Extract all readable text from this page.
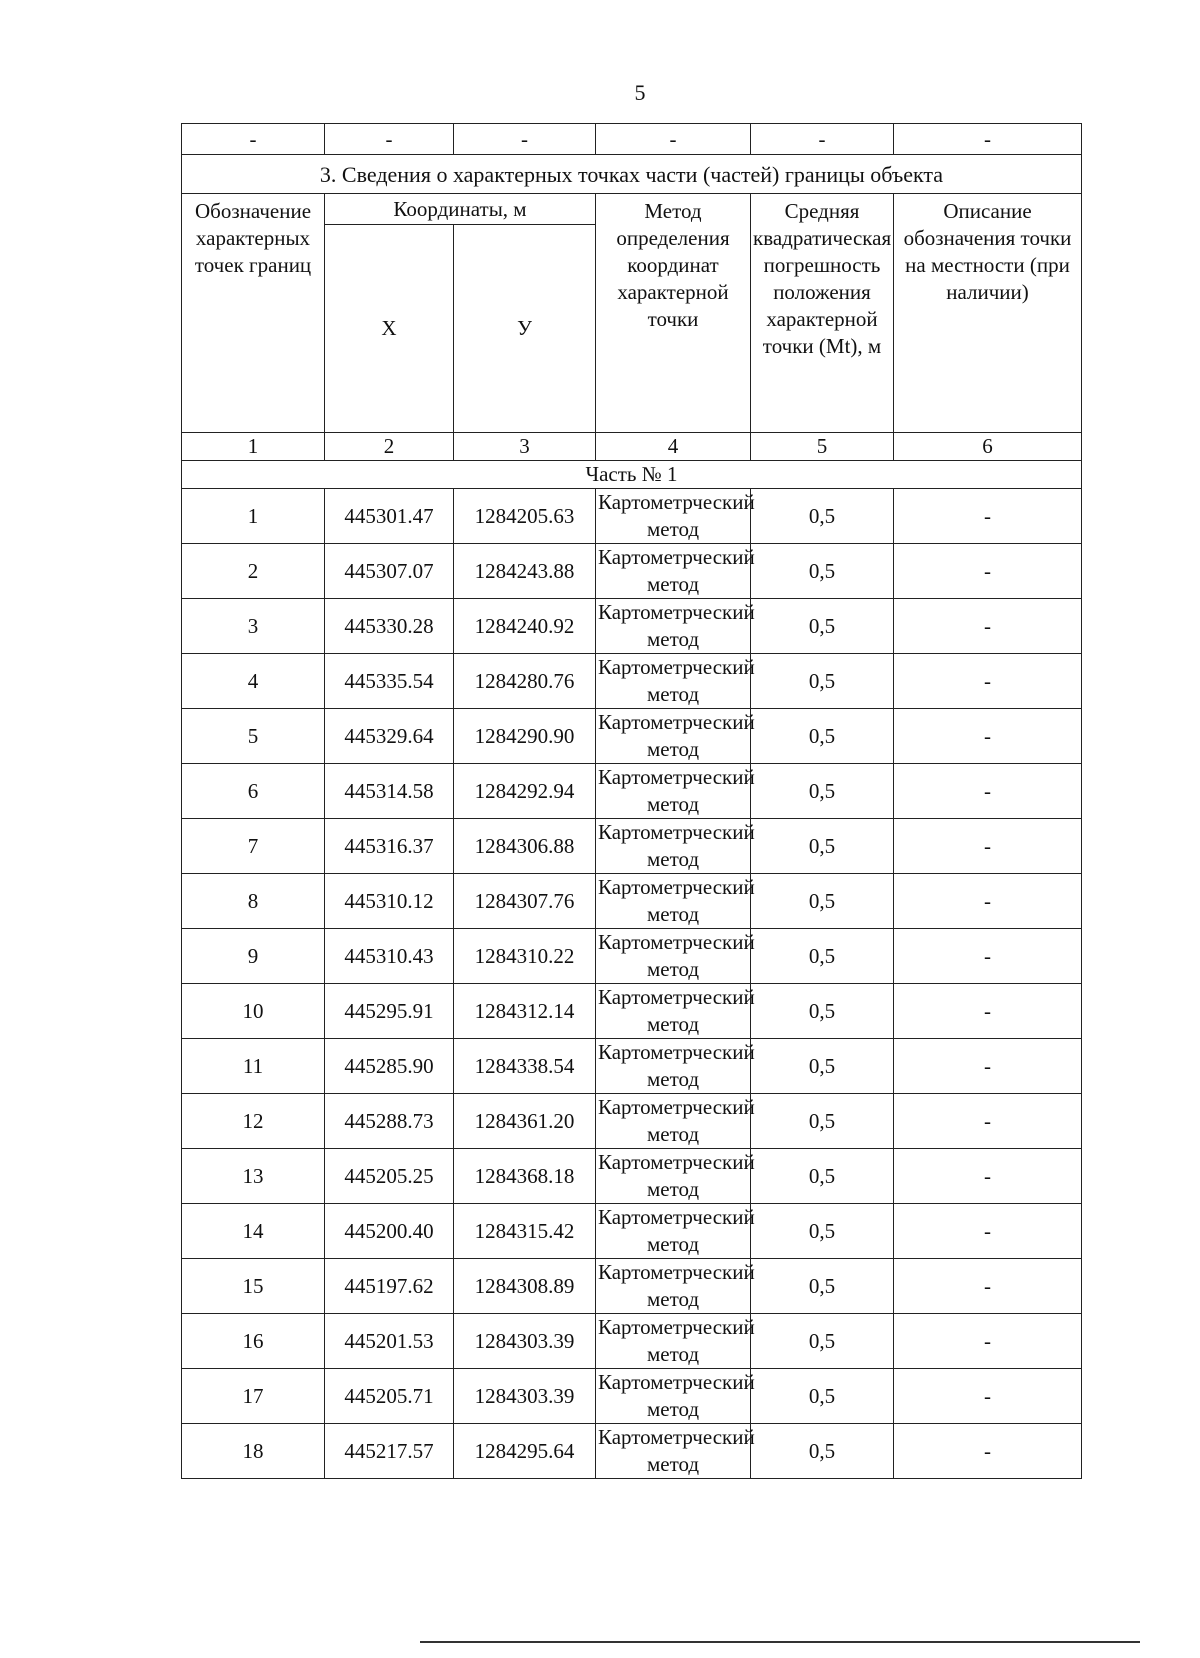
5
-	-	-	-	-	-
3. Сведения о характерных точках части (частей) границы объекта					
Обозначение характерных точек границ	Координаты, м		Метод определения координат характерной точки	Средняя квадратическая погрешность положения характерной точки (Mt), м	Описание обозначения точки на местности (при наличии)
	X	У			
1	2	3	4	5	6
Часть № 1					
1	445301.47	1284205.63	Картометрческий метод	0,5	-
2	445307.07	1284243.88	Картометрческий метод	0,5	-
3	445330.28	1284240.92	Картометрческий метод	0,5	-
4	445335.54	1284280.76	Картометрческий метод	0,5	-
5	445329.64	1284290.90	Картометрческий метод	0,5	-
6	445314.58	1284292.94	Картометрческий метод	0,5	-
7	445316.37	1284306.88	Картометрческий метод	0,5	-
8	445310.12	1284307.76	Картометрческий метод	0,5	-
9	445310.43	1284310.22	Картометрческий метод	0,5	-
10	445295.91	1284312.14	Картометрческий метод	0,5	-
11	445285.90	1284338.54	Картометрческий метод	0,5	-
12	445288.73	1284361.20	Картометрческий метод	0,5	-
13	445205.25	1284368.18	Картометрческий метод	0,5	-
14	445200.40	1284315.42	Картометрческий метод	0,5	-
15	445197.62	1284308.89	Картометрческий метод	0,5	-
16	445201.53	1284303.39	Картометрческий метод	0,5	-
17	445205.71	1284303.39	Картометрческий метод	0,5	-
18	445217.57	1284295.64	Картометрческий метод	0,5	-
